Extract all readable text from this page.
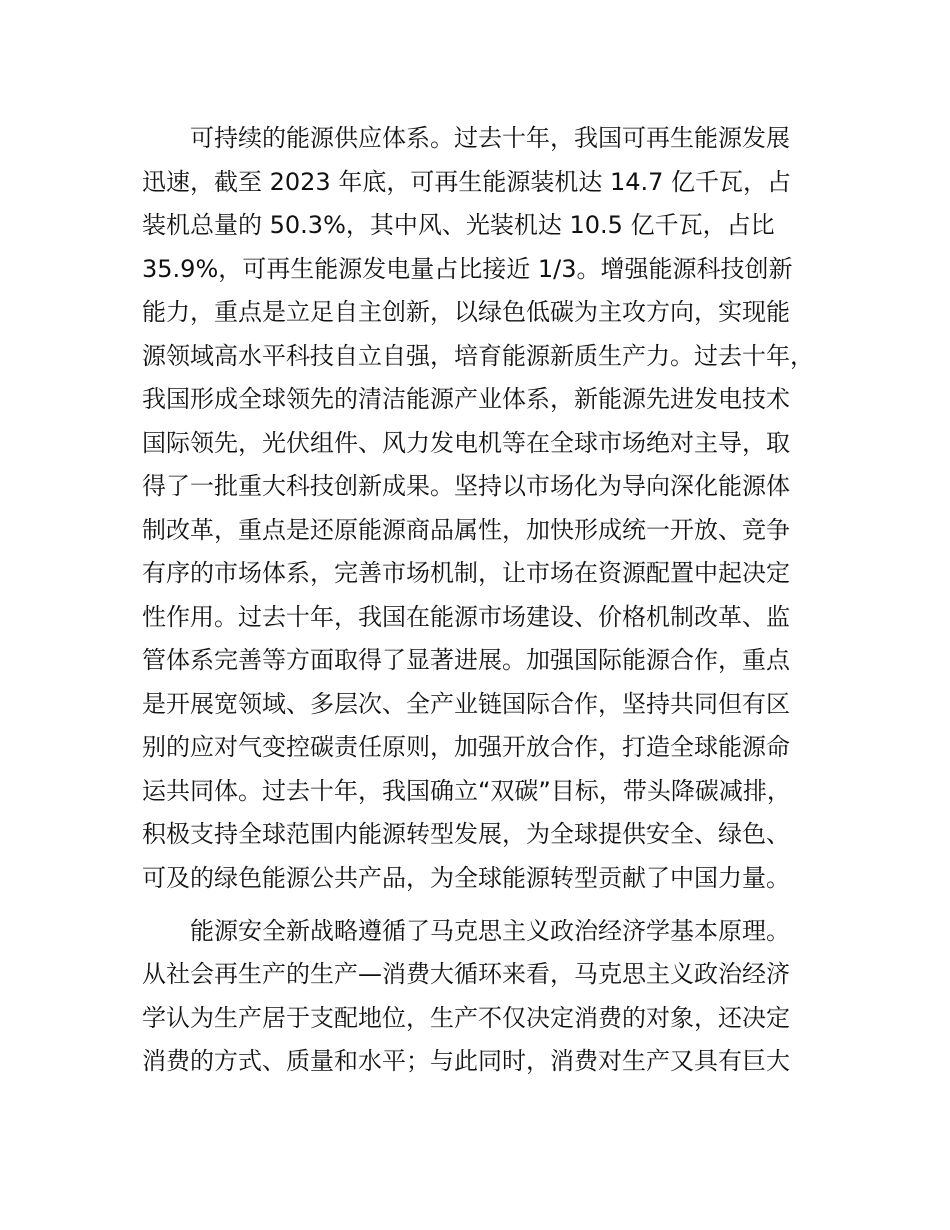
可持续的能源供应体系。过去十年，我国可再生能源发展
迅速，截至 2023 年底，可再生能源装机达 14.7 亿千瓦，占
装机总量的 50.3%，其中风、光装机达 10.5 亿千瓦，占比
35.9%，可再生能源发电量占比接近 1/3。增强能源科技创新
能力，重点是立足自主创新，以绿色低碳为主攻方向，实现能
源领域高水平科技自立自强，培育能源新质生产力。过去十年，
我国形成全球领先的清洁能源产业体系，新能源先进发电技术
国际领先，光伏组件、风力发电机等在全球市场绝对主导，取
得了一批重大科技创新成果。坚持以市场化为导向深化能源体
制改革，重点是还原能源商品属性，加快形成统一开放、竞争
有序的市场体系，完善市场机制，让市场在资源配置中起决定
性作用。过去十年，我国在能源市场建设、价格机制改革、监
管体系完善等方面取得了显著进展。加强国际能源合作，重点
是开展宽领域、多层次、全产业链国际合作，坚持共同但有区
别的应对气变控碳责任原则，加强开放合作，打造全球能源命
运共同体。过去十年，我国确立“双碳”目标，带头降碳减排，
积极支持全球范围内能源转型发展，为全球提供安全、绿色、
可及的绿色能源公共产品，为全球能源转型贡献了中国力量。
能源安全新战略遵循了马克思主义政治经济学基本原理。
从社会再生产的生产—消费大循环来看，马克思主义政治经济
学认为生产居于支配地位，生产不仅决定消费的对象，还决定
消费的方式、质量和水平；与此同时，消费对生产又具有巨大
